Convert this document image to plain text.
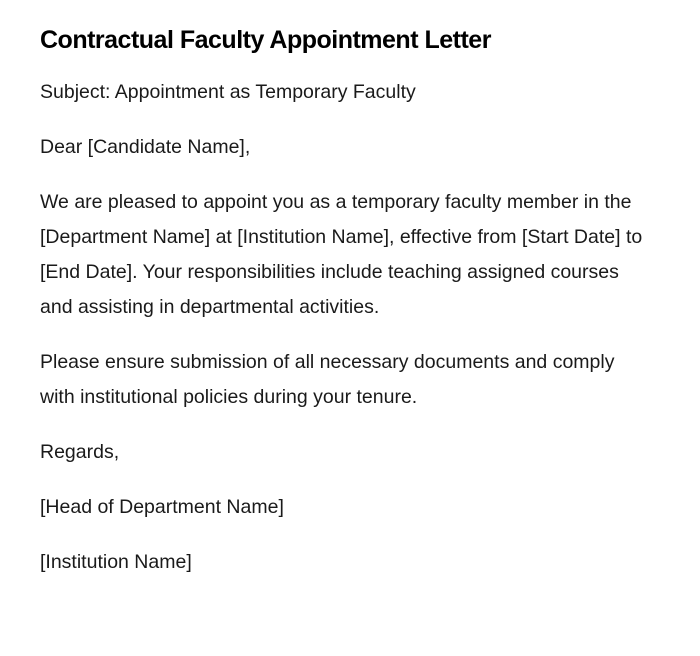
Contractual Faculty Appointment Letter

Subject: Appointment as Temporary Faculty

Dear [Candidate Name],

We are pleased to appoint you as a temporary faculty member in the [Department Name] at [Institution Name], effective from [Start Date] to [End Date]. Your responsibilities include teaching assigned courses and assisting in departmental activities.

Please ensure submission of all necessary documents and comply with institutional policies during your tenure.

Regards,

[Head of Department Name]

[Institution Name]
